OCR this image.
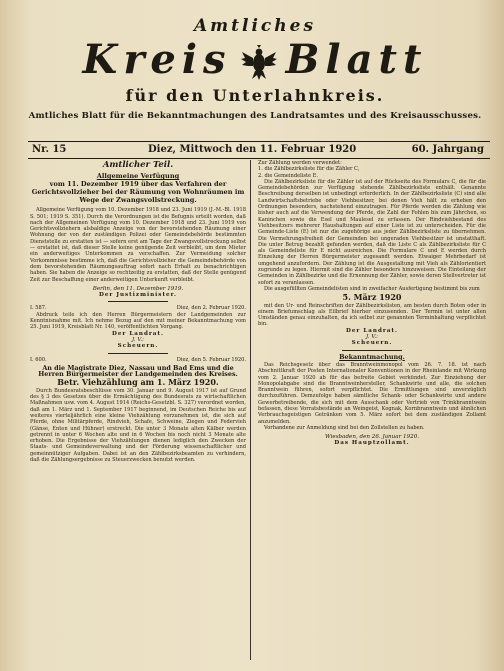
Amtliches
Kreis Blatt
für den Unterlahnkreis.
Amtliches Blatt für die Bekanntmachungen des Landratsamtes und des Kreisausschusses.
Nr. 15	Diez, Mittwoch den 11. Februar 1920	60. Jahrgang
Amtlicher Teil.
Allgemeine Verfügung
vom 11. Dezember 1919 über das Verfahren der Gerichtsvollzieher bei der Räumung von Wohnräumen im Wege der Zwangsvollstreckung.
Allgemeine Verfügung vom 10. Dezember 1918 und 23. Juni 1919 (J.-M.-Bl. 1918 S. 501; 1919 S. 351). Durch die Verordnungen ist die Befugnis erteilt worden, daß nach der Allgemeinen Verfügung vom 10. Dezember 1918 und 23. Juni 1919 von Gerichtsvollziehern alsbaldige Anzeige von der bevorstehenden Räumung einer Wohnung der von der zuständigen Polizei oder Gemeindebehörde bestimmten Dienststelle zu erstatten ist — sofern erst am Tage der Zwangsvollstreckung selbst — erstattet ist, daß dieser Stelle keine genügende Zeit verbleibt, um dem Mieter ein anderweitiges Unterkommen zu verschaffen. Zur Vermeidung solcher Vorkommnisse bestimme ich, daß die Gerichtsvollzieher die Gemeindebehörde von dem bevorstehenden Räumungsauftrag sofort nach Erhalt zu benachrichtigen haben. Sie haben die Anzeige so rechtzeitig zu erstatten, daß der Stelle genügend Zeit zur Beschaffung einer anderweitigen Unterkunft verbleibt.
Berlin, den 11. Dezember 1919.
Der Justizminister.
I. 587.	Diez, den 2. Februar 1920.
Abdruck teile ich den Herren Bürgermeistern der Landgemeinden zur Kenntnisnahme mit. Ich nehme Bezug auf den mit meiner Bekanntmachung vom 25. Juni 1919, Kreisblatt Nr. 140, veröffentlichten Vorgang.
Der Landrat.
J. V.:
Scheuern.
I. 600.	Diez, den 5. Februar 1920.
An die Magistrate Diez, Nassau und Bad Ems und die Herren Bürgermeister der Landgemeinden des Kreises.
Betr. Viehzählung am 1. März 1920.
Durch Bundesratsbeschlüsse vom 30. Januar und 9. August 1917 ist auf Grund des § 3 des Gesetzes über die Ermächtigung des Bundesrats zu wirtschaftlichen Maßnahmen usw. vom 4. August 1914 (Reichs-Gesetzbl. S. 327) verordnet worden, daß am 1. März und 1. September 1917 beginnend, im Deutschen Reiche bis auf weiteres vierteljährlich eine kleine Viehzählung vorzunehmen ist, die sich auf Pferde, ohne Militärpferde, Rindvieh, Schafe, Schweine, Ziegen und Federvieh (Gänse, Enten und Hühner) erstreckt. Die unter 3 Monate alten Kälber werden getrennt in unter 6 Wochen alte und in 6 Wochen bis noch nicht 3 Monate alte erhoben. Die Ergebnisse der Viehzählungen dienen lediglich den Zwecken der Staats- und Gemeindeverwaltung und der Förderung wissenschaftlicher und gemeinnütziger Aufgaben. Dabei ist an den Zählbezirksbeamten zu verhindern, daß die Zählungsergebnisse zu Steuerzwecken benutzt werden.
Zur Zählung werden verwendet:
1. die Zählbezirksliste für die Zähler C,
2. die Gemeindeliste E.
Die Zählbezirksliste für die Zähler ist auf der Rückseite des Formulars C, die für die Gemeindebehörden zur Verfügung stehende Zählbezirksliste enthält. Genannte Beschreibung derselben ist unbedingt erforderlich. In der Zählbezirksliste (C) sind alle Landwirtschaftsbetriebe oder Viehbesitzer, bei denen Vieh hält zu erheben den Ordnungen besonders, nachstehend einzutragen. Für Pferde werden die Zählung wie bisher auch auf die Verwendung der Pferde, die Zahl der Fohlen bis zum Jährchen, so Kaninchen sowie die Esel und Maulesel zu erfassen. Der Rindviehbestand des Viehbesitzers mehrerer Haushaltungen auf einer Liste ist zu unterscheiden. Für die Gemeinde-Liste (E) ist nur die zugehörige aus jeder Zählbezirksliste zu übernehmen. Die Vermehrungsfreiheit der Gemeinden bei ungeraden Viehbesitzer ist unstatthaft. Die unter Betrug bezahlt gefunden werden, daß die Liste C als Zählbezirksliste für C als Gemeindeliste für E nicht ausreichen. Die Formulare C und E werden durch Einzelung der Herren Bürgermeister zugesandt werden. Etwaiger Mehrbedarf ist umgehend anzufordern. Der Zählung ist die Ausgestaltung mit Vieh als Zählorientiert zugrunde zu legen. Hiermit sind die Zähler besonders hinzuweisen. Die Einteilung der Gemeinden in Zählbezirke und die Ernennung der Zähler, sowie deren Stellvertreter ist sofort zu veranlassen.
Die ausgefüllten Gemeindelisten sind in zweifacher Ausfertigung bestimmt bis zum
5. März 1920
mit den Ur- und Reinschriften der Zählbezirkslisten, am besten durch Boten oder in einem Briefumschlag als Eilbrief hierher einzusenden. Der Termin ist unter allen Umständen genau einzuhalten, da ich selbst zur genannten Terminhaltung verpflichtet bin.
Der Landrat.
J. V.:
Scheuern.
Bekanntmachung.
Das Reichsgesetz über das Branntweinmonopol vom 26. 7. 18. ist nach Abschnittkraft der Posten Internationaler Konventionen in der Rheinlande mit Wirkung vom 2. Januar 1920 ab für das befreite Gebiet verkündet. Zur Einziehung der Monopolabgabe sind die Branntweinhersteller, Schankwirte und alle, die solchen Branntwein führen, sofort verpflichtet. Die Ermittlungen sind unverzüglich durchzuführen. Demzufolge haben sämtliche Schank- oder Schankwirte und andere Gewerbetreibende, die sich mit dem Ausschank oder Vertrieb von Trinkbranntwein befassen, diese Vorratsbestände an Weingeist, Kognak, Kornbranntwein und ähnlichen Verbrauchsgeistigen Getränken vom 5. März sofort bei dem zuständigen Zollamt anzumelden.
Vorhandene zur Anmeldung sind bei den Zollstellen zu haben.
Wiesbaden, den 26. Januar 1920.
Das Hauptzollamt.
